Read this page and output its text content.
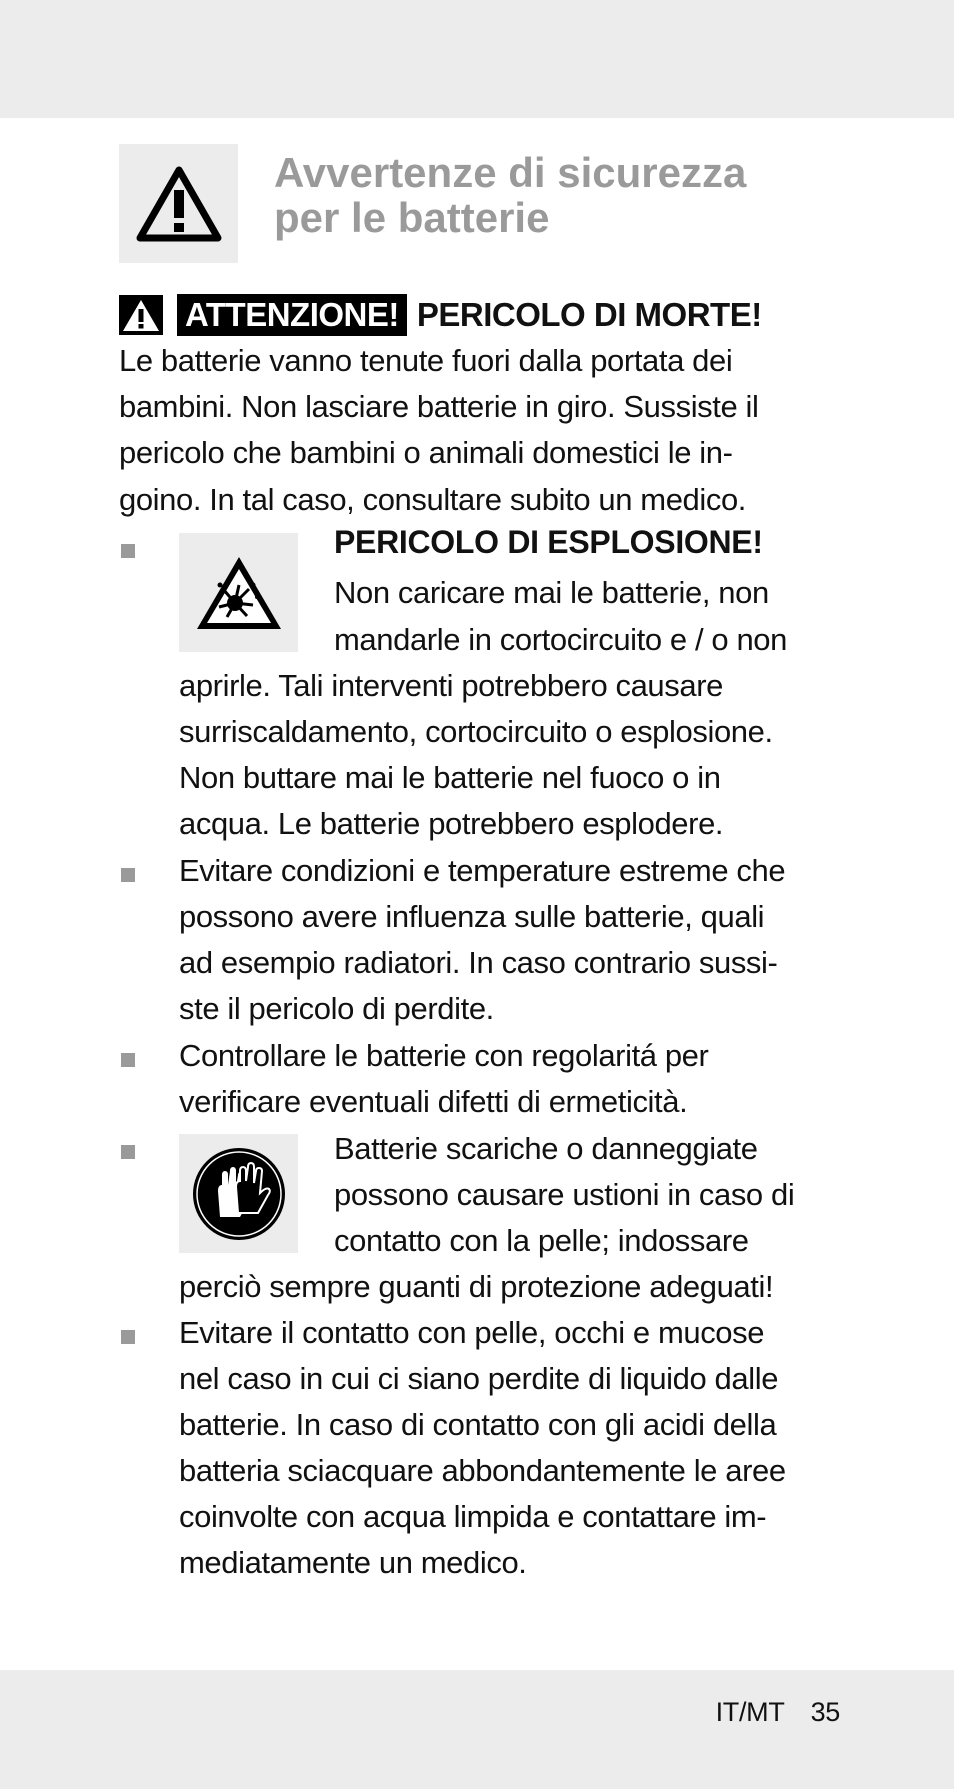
Avvertenze di sicurezza
per le batterie
ATTENZIONE! PERICOLO DI MORTE!
Le batterie vanno tenute fuori dalla portata dei
bambini. Non lasciare batterie in giro. Sussiste il
pericolo che bambini o animali domestici le in-
goino. In tal caso, consultare subito un medico.
PERICOLO DI ESPLOSIONE!
Non caricare mai le batterie, non
mandarle in cortocircuito e / o non
aprirle. Tali interventi potrebbero causare
surriscaldamento, cortocircuito o esplosione.
Non buttare mai le batterie nel fuoco o in
acqua. Le batterie potrebbero esplodere.
Evitare condizioni e temperature estreme che
possono avere influenza sulle batterie, quali
ad esempio radiatori. In caso contrario sussi-
ste il pericolo di perdite.
Controllare le batterie con regolaritá per
verificare eventuali difetti di ermeticità.
Batterie scariche o danneggiate
possono causare ustioni in caso di
contatto con la pelle; indossare
perciò sempre guanti di protezione adeguati!
Evitare il contatto con pelle, occhi e mucose
nel caso in cui ci siano perdite di liquido dalle
batterie. In caso di contatto con gli acidi della
batteria sciacquare abbondantemente le aree
coinvolte con acqua limpida e contattare im-
mediatamente un medico.
IT/MT 35
